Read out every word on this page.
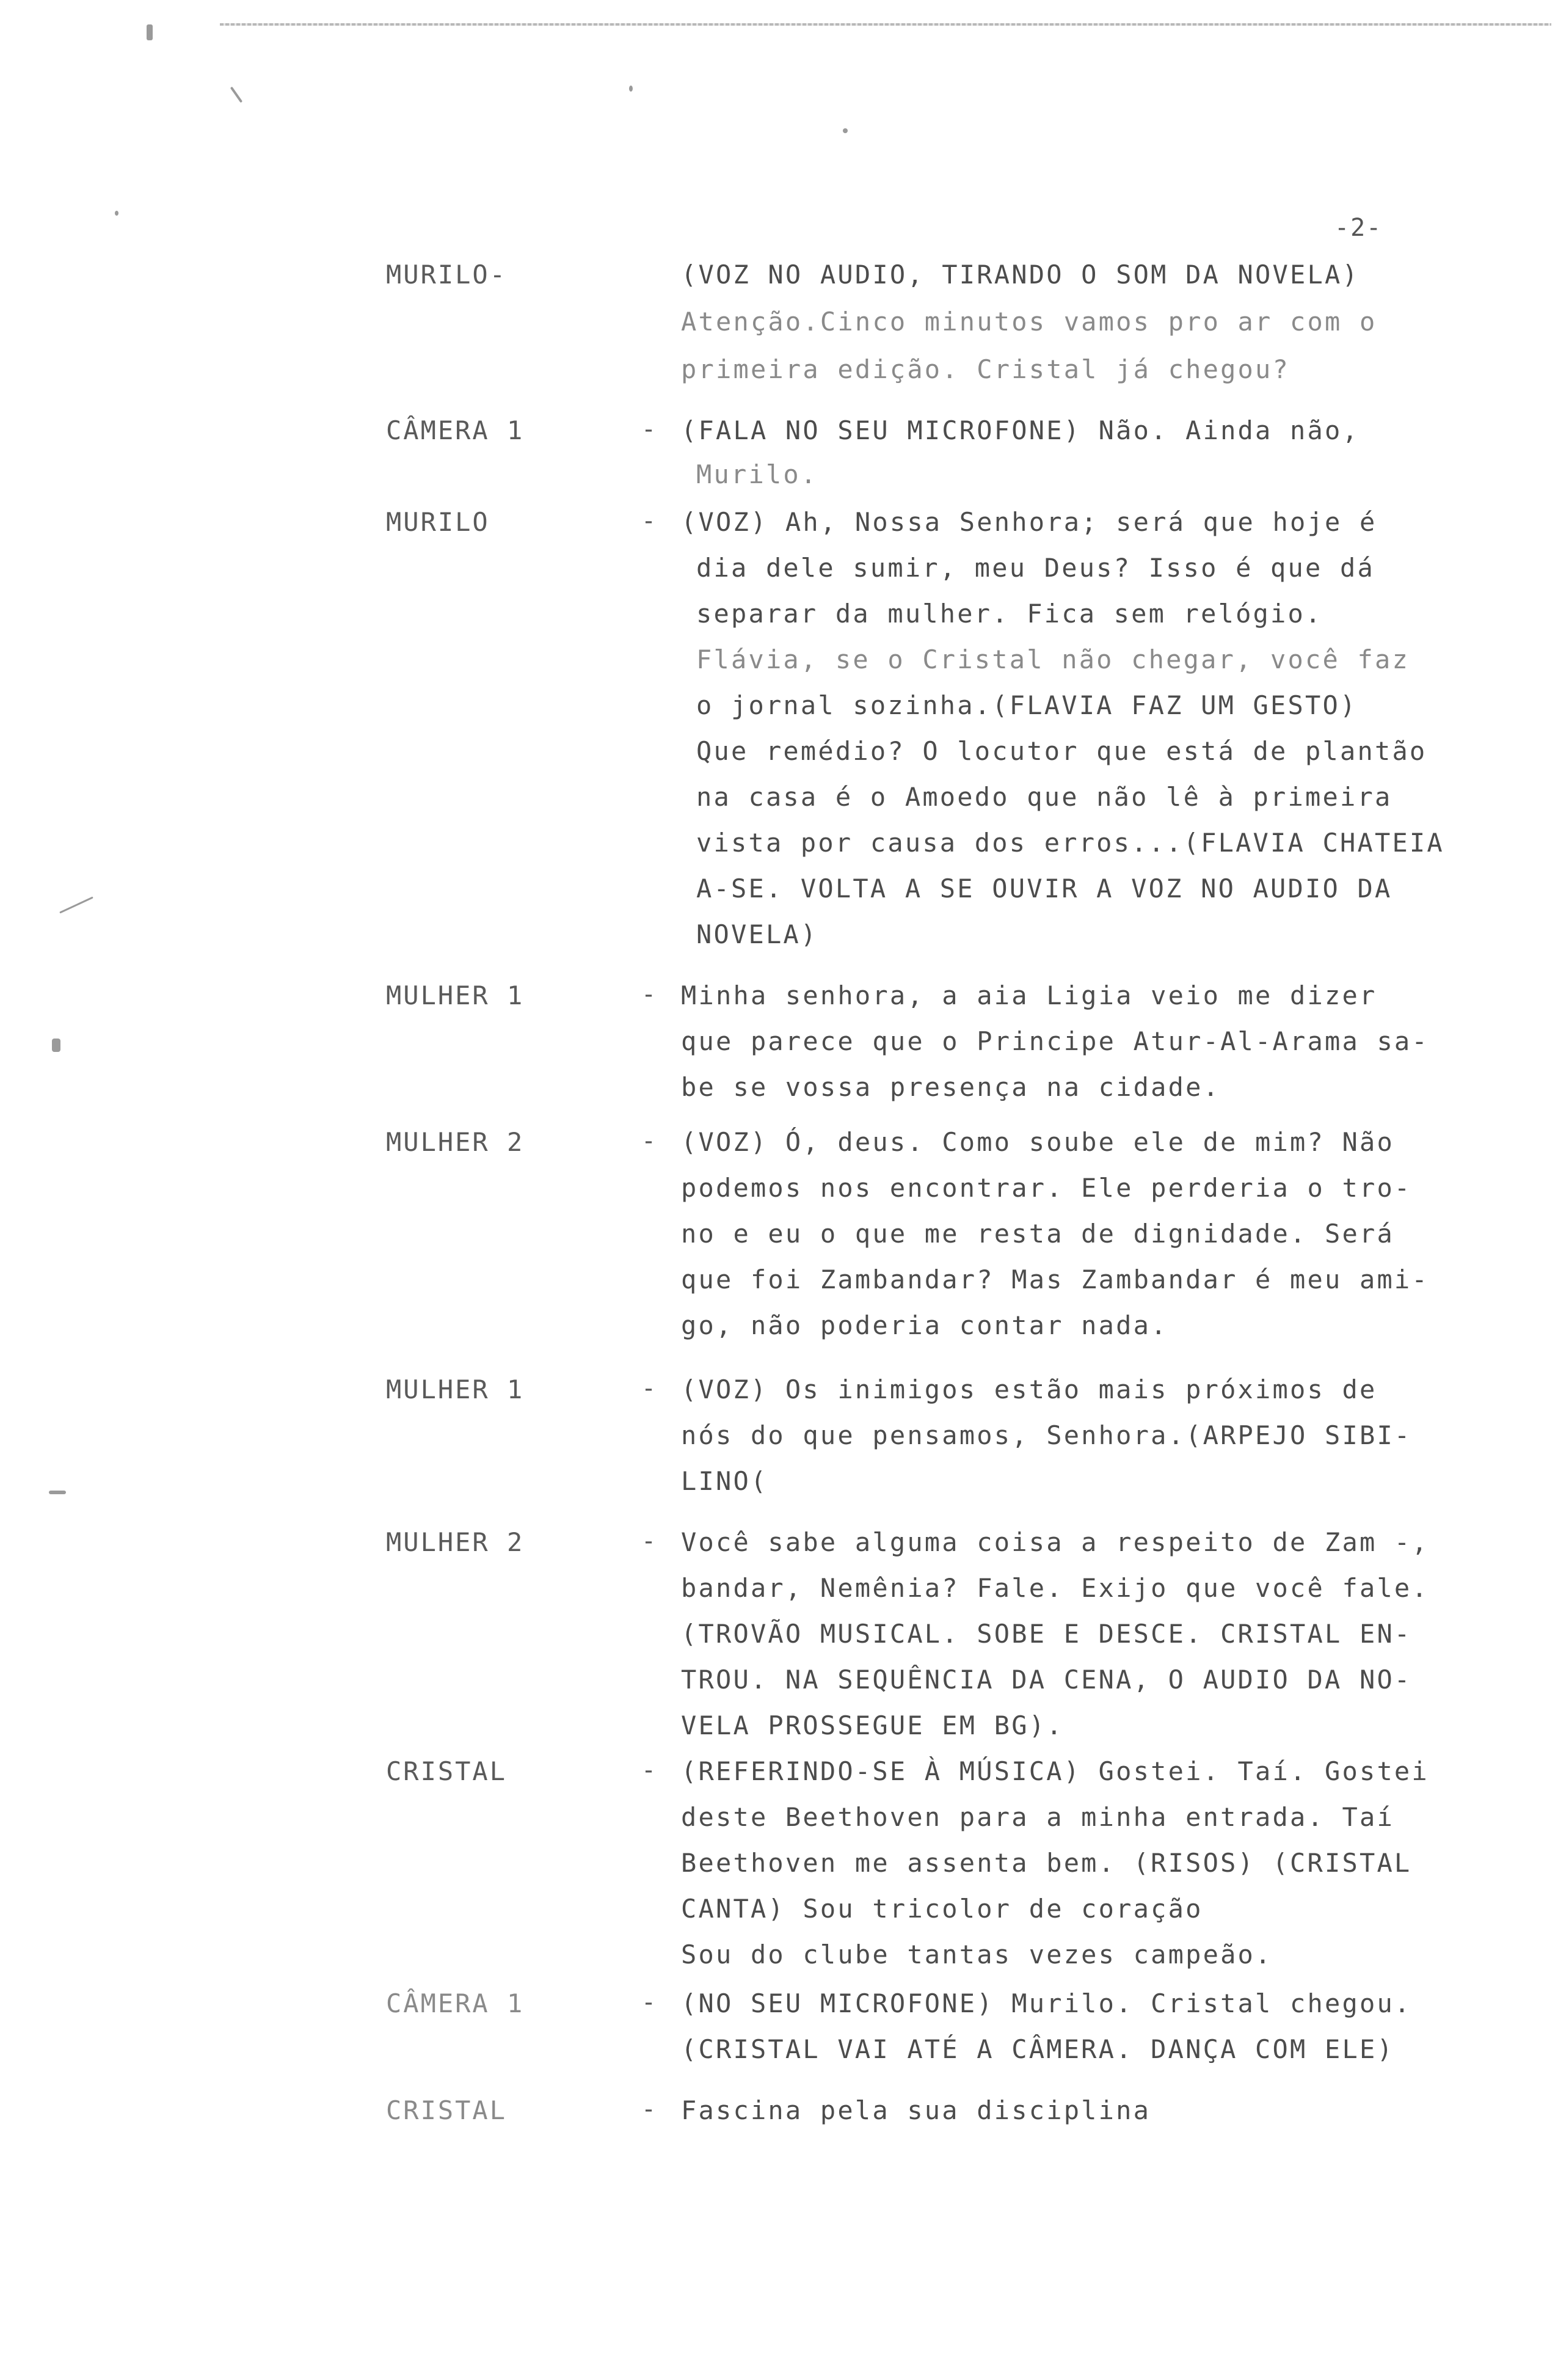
-2-
MURILO-	(VOZ NO AUDIO, TIRANDO O SOM DA NOVELA)
Atenção.Cinco minutos vamos pro ar com o
primeira edição. Cristal já chegou?
CÂMERA 1	- (FALA NO SEU MICROFONE) Não. Ainda não,
Murilo.
MURILO	- (VOZ) Ah, Nossa Senhora; será que hoje é
dia dele sumir, meu Deus? Isso é que dá
separar da mulher. Fica sem relógio.
Flávia, se o Cristal não chegar, você faz
o jornal sozinha.(FLAVIA FAZ UM GESTO)
Que remédio? O locutor que está de plantão
na casa é o Amoedo que não lê à primeira
vista por causa dos erros...(FLAVIA CHATEIA
A-SE. VOLTA A SE OUVIR A VOZ NO AUDIO DA
NOVELA)
MULHER 1	- Minha senhora, a aia Ligia veio me dizer
que parece que o Principe Atur-Al-Arama sa-
be se vossa presença na cidade.
MULHER 2	- (VOZ) Ó, deus. Como soube ele de mim? Não
podemos nos encontrar. Ele perderia o tro-
no e eu o que me resta de dignidade. Será
que foi Zambandar? Mas Zambandar é meu ami-
go, não poderia contar nada.
MULHER 1	- (VOZ) Os inimigos estão mais próximos de
nós do que pensamos, Senhora.(ARPEJO SIBI-
LINO(
MULHER 2	- Você sabe alguma coisa a respeito de Zam -,
bandar, Nemênia? Fale. Exijo que você fale.
(TROVÃO MUSICAL. SOBE E DESCE. CRISTAL EN-
TROU. NA SEQUÊNCIA DA CENA, O AUDIO DA NO-
VELA PROSSEGUE EM BG).
CRISTAL	- (REFERINDO-SE À MÚSICA) Gostei. Taí. Gostei
deste Beethoven para a minha entrada. Taí
Beethoven me assenta bem. (RISOS) (CRISTAL
CANTA) Sou tricolor de coração
Sou do clube tantas vezes campeão.
CÂMERA 1	- (NO SEU MICROFONE) Murilo. Cristal chegou.
(CRISTAL VAI ATÉ A CÂMERA. DANÇA COM ELE)
CRISTAL	- Fascina pela sua disciplina
